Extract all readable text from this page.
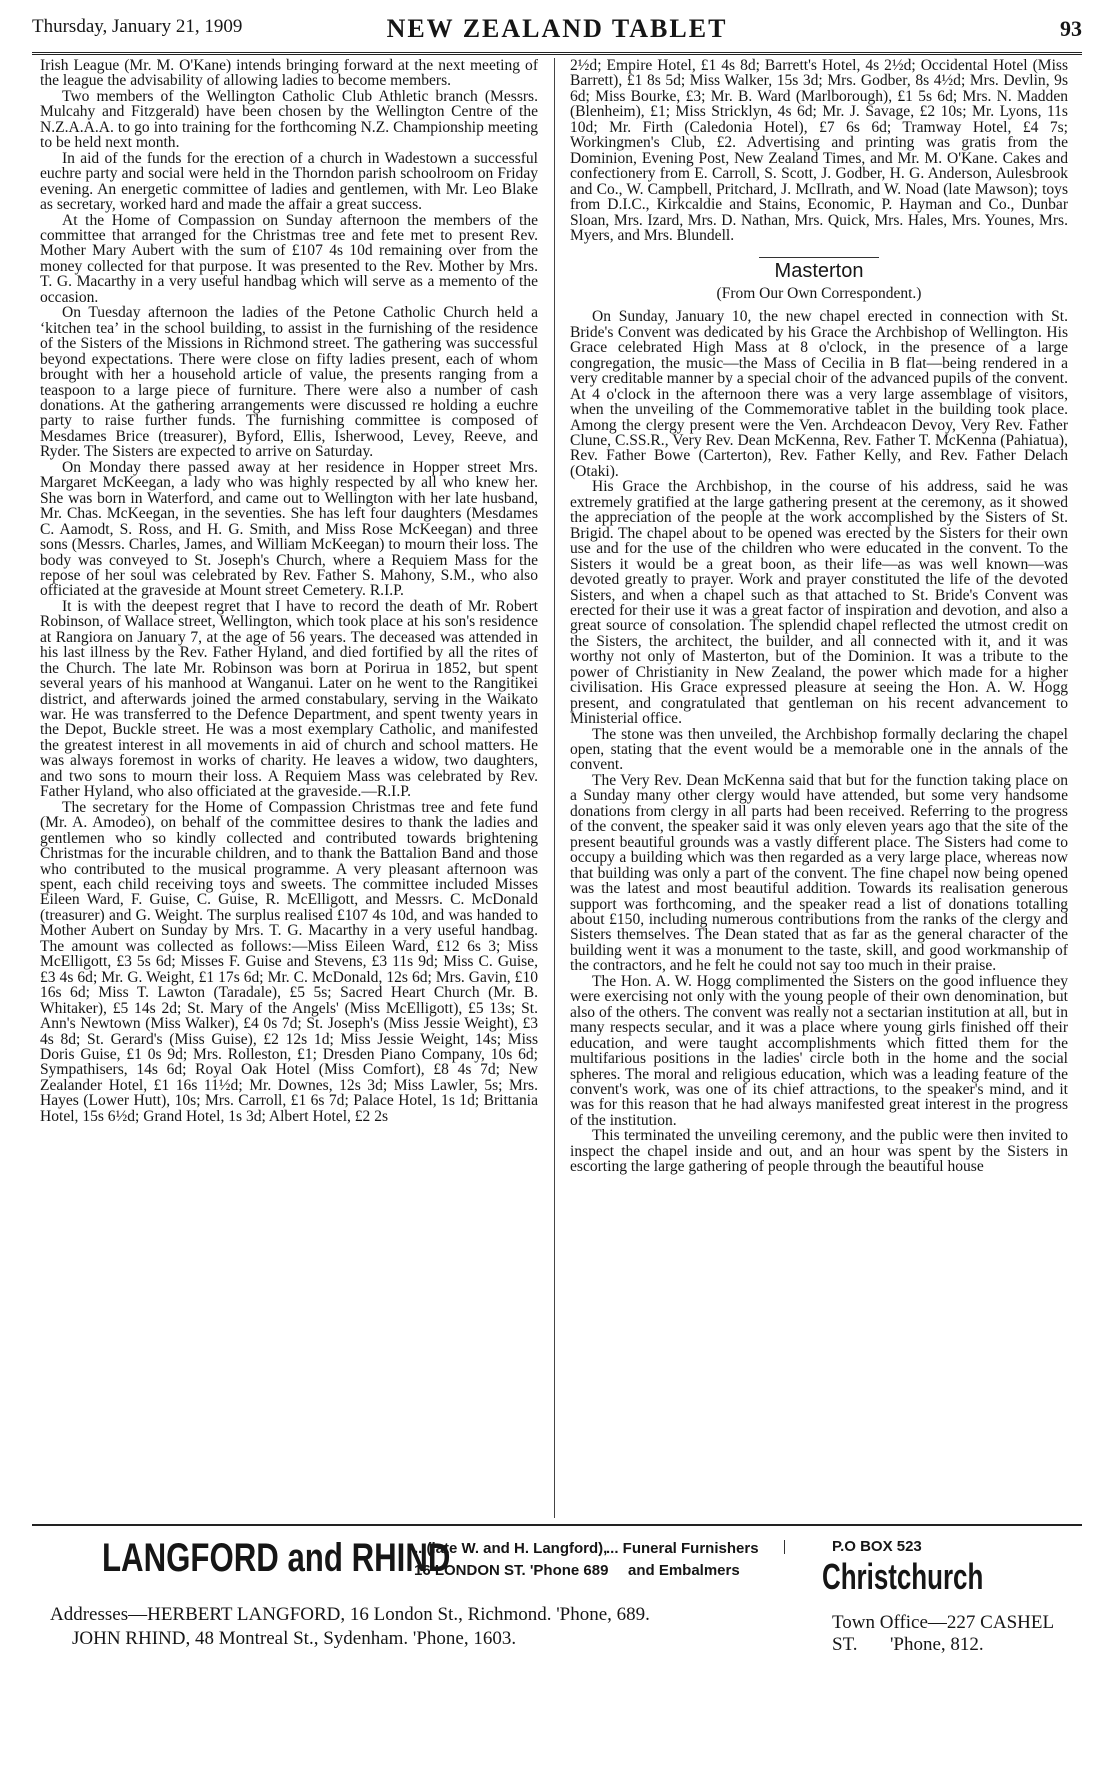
Thursday, January 21, 1909	NEW ZEALAND TABLET	93

Irish League (Mr. M. O'Kane) intends bringing forward at the next meeting of the league the advisability of allowing ladies to become members.

Two members of the Wellington Catholic Club Athletic branch (Messrs. Mulcahy and Fitzgerald) have been chosen by the Wellington Centre of the N.Z.A.A.A. to go into training for the forthcoming N.Z. Championship meeting to be held next month.

In aid of the funds for the erection of a church in Wadestown a successful euchre party and social were held in the Thorndon parish schoolroom on Friday evening. An energetic committee of ladies and gentlemen, with Mr. Leo Blake as secretary, worked hard and made the affair a great success.

At the Home of Compassion on Sunday afternoon the members of the committee that arranged for the Christmas tree and fete met to present Rev. Mother Mary Aubert with the sum of £107 4s 10d remaining over from the money collected for that purpose. It was presented to the Rev. Mother by Mrs. T. G. Macarthy in a very useful handbag which will serve as a memento of the occasion.

On Tuesday afternoon the ladies of the Petone Catholic Church held a ‘kitchen tea’ in the school building, to assist in the furnishing of the residence of the Sisters of the Missions in Richmond street. The gathering was successful beyond expectations. There were close on fifty ladies present, each of whom brought with her a household article of value, the presents ranging from a teaspoon to a large piece of furniture. There were also a number of cash donations. At the gathering arrangements were discussed re holding a euchre party to raise further funds. The furnishing committee is composed of Mesdames Brice (treasurer), Byford, Ellis, Isherwood, Levey, Reeve, and Ryder. The Sisters are expected to arrive on Saturday.

On Monday there passed away at her residence in Hopper street Mrs. Margaret McKeegan, a lady who was highly respected by all who knew her. She was born in Waterford, and came out to Wellington with her late husband, Mr. Chas. McKeegan, in the seventies. She has left four daughters (Mesdames C. Aamodt, S. Ross, and H. G. Smith, and Miss Rose McKeegan) and three sons (Messrs. Charles, James, and William McKeegan) to mourn their loss. The body was conveyed to St. Joseph's Church, where a Requiem Mass for the repose of her soul was celebrated by Rev. Father S. Mahony, S.M., who also officiated at the graveside at Mount street Cemetery. R.I.P.

It is with the deepest regret that I have to record the death of Mr. Robert Robinson, of Wallace street, Wellington, which took place at his son's residence at Rangiora on January 7, at the age of 56 years. The deceased was attended in his last illness by the Rev. Father Hyland, and died fortified by all the rites of the Church. The late Mr. Robinson was born at Porirua in 1852, but spent several years of his manhood at Wanganui. Later on he went to the Rangitikei district, and afterwards joined the armed constabulary, serving in the Waikato war. He was transferred to the Defence Department, and spent twenty years in the Depot, Buckle street. He was a most exemplary Catholic, and manifested the greatest interest in all movements in aid of church and school matters. He was always foremost in works of charity. He leaves a widow, two daughters, and two sons to mourn their loss. A Requiem Mass was celebrated by Rev. Father Hyland, who also officiated at the graveside.—R.I.P.

The secretary for the Home of Compassion Christmas tree and fete fund (Mr. A. Amodeo), on behalf of the committee desires to thank the ladies and gentlemen who so kindly collected and contributed towards brightening Christmas for the incurable children, and to thank the Battalion Band and those who contributed to the musical programme. A very pleasant afternoon was spent, each child receiving toys and sweets. The committee included Misses Eileen Ward, F. Guise, C. Guise, R. McElligott, and Messrs. C. McDonald (treasurer) and G. Weight. The surplus realised £107 4s 10d, and was handed to Mother Aubert on Sunday by Mrs. T. G. Macarthy in a very useful handbag. The amount was collected as follows:—Miss Eileen Ward, £12 6s 3; Miss McElligott, £3 5s 6d; Misses F. Guise and Stevens, £3 11s 9d; Miss C. Guise, £3 4s 6d; Mr. G. Weight, £1 17s 6d; Mr. C. McDonald, 12s 6d; Mrs. Gavin, £10 16s 6d; Miss T. Lawton (Taradale), £5 5s; Sacred Heart Church (Mr. B. Whitaker), £5 14s 2d; St. Mary of the Angels' (Miss McElligott), £5 13s; St. Ann's Newtown (Miss Walker), £4 0s 7d; St. Joseph's (Miss Jessie Weight), £3 4s 8d; St. Gerard's (Miss Guise), £2 12s 1d; Miss Jessie Weight, 14s; Miss Doris Guise, £1 0s 9d; Mrs. Rolleston, £1; Dresden Piano Company, 10s 6d; Sympathisers, 14s 6d; Royal Oak Hotel (Miss Comfort), £8 4s 7d; New Zealander Hotel, £1 16s 11½d; Mr. Downes, 12s 3d; Miss Lawler, 5s; Mrs. Hayes (Lower Hutt), 10s; Mrs. Carroll, £1 6s 7d; Palace Hotel, 1s 1d; Brittania Hotel, 15s 6½d; Grand Hotel, 1s 3d; Albert Hotel, £2 2s

2½d; Empire Hotel, £1 4s 8d; Barrett's Hotel, 4s 2½d; Occidental Hotel (Miss Barrett), £1 8s 5d; Miss Walker, 15s 3d; Mrs. Godber, 8s 4½d; Mrs. Devlin, 9s 6d; Miss Bourke, £3; Mr. B. Ward (Marlborough), £1 5s 6d; Mrs. N. Madden (Blenheim), £1; Miss Stricklyn, 4s 6d; Mr. J. Savage, £2 10s; Mr. Lyons, 11s 10d; Mr. Firth (Caledonia Hotel), £7 6s 6d; Tramway Hotel, £4 7s; Workingmen's Club, £2. Advertising and printing was gratis from the Dominion, Evening Post, New Zealand Times, and Mr. M. O'Kane. Cakes and confectionery from E. Carroll, S. Scott, J. Godber, H. G. Anderson, Aulesbrook and Co., W. Campbell, Pritchard, J. McIlrath, and W. Noad (late Mawson); toys from D.I.C., Kirkcaldie and Stains, Economic, P. Hayman and Co., Dunbar Sloan, Mrs. Izard, Mrs. D. Nathan, Mrs. Quick, Mrs. Hales, Mrs. Younes, Mrs. Myers, and Mrs. Blundell.

Masterton
(From Our Own Correspondent.)

On Sunday, January 10, the new chapel erected in connection with St. Bride's Convent was dedicated by his Grace the Archbishop of Wellington. His Grace celebrated High Mass at 8 o'clock, in the presence of a large congregation, the music—the Mass of Cecilia in B flat—being rendered in a very creditable manner by a special choir of the advanced pupils of the convent. At 4 o'clock in the afternoon there was a very large assemblage of visitors, when the unveiling of the Commemorative tablet in the building took place. Among the clergy present were the Ven. Archdeacon Devoy, Very Rev. Father Clune, C.SS.R., Very Rev. Dean McKenna, Rev. Father T. McKenna (Pahiatua), Rev. Father Bowe (Carterton), Rev. Father Kelly, and Rev. Father Delach (Otaki).

His Grace the Archbishop, in the course of his address, said he was extremely gratified at the large gathering present at the ceremony, as it showed the appreciation of the people at the work accomplished by the Sisters of St. Brigid. The chapel about to be opened was erected by the Sisters for their own use and for the use of the children who were educated in the convent. To the Sisters it would be a great boon, as their life—as was well known—was devoted greatly to prayer. Work and prayer constituted the life of the devoted Sisters, and when a chapel such as that attached to St. Bride's Convent was erected for their use it was a great factor of inspiration and devotion, and also a great source of consolation. The splendid chapel reflected the utmost credit on the Sisters, the architect, the builder, and all connected with it, and it was worthy not only of Masterton, but of the Dominion. It was a tribute to the power of Christianity in New Zealand, the power which made for a higher civilisation. His Grace expressed pleasure at seeing the Hon. A. W. Hogg present, and congratulated that gentleman on his recent advancement to Ministerial office.

The stone was then unveiled, the Archbishop formally declaring the chapel open, stating that the event would be a memorable one in the annals of the convent.

The Very Rev. Dean McKenna said that but for the function taking place on a Sunday many other clergy would have attended, but some very handsome donations from clergy in all parts had been received. Referring to the progress of the convent, the speaker said it was only eleven years ago that the site of the present beautiful grounds was a vastly different place. The Sisters had come to occupy a building which was then regarded as a very large place, whereas now that building was only a part of the convent. The fine chapel now being opened was the latest and most beautiful addition. Towards its realisation generous support was forthcoming, and the speaker read a list of donations totalling about £150, including numerous contributions from the ranks of the clergy and Sisters themselves. The Dean stated that as far as the general character of the building went it was a monument to the taste, skill, and good workmanship of the contractors, and he felt he could not say too much in their praise.

The Hon. A. W. Hogg complimented the Sisters on the good influence they were exercising not only with the young people of their own denomination, but also of the others. The convent was really not a sectarian institution at all, but in many respects secular, and it was a place where young girls finished off their education, and were taught accomplishments which fitted them for the multifarious positions in the ladies' circle both in the home and the social spheres. The moral and religious education, which was a leading feature of the convent's work, was one of its chief attractions, to the speaker's mind, and it was for this reason that he had always manifested great interest in the progress of the institution.

This terminated the unveiling ceremony, and the public were then invited to inspect the chapel inside and out, and an hour was spent by the Sisters in escorting the large gathering of people through the beautiful house

LANGFORD and RHIND
...(late W. and H. Langford),
16 LONDON ST. 'Phone 689
... Funeral Furnishers
and Embalmers
P.O BOX 523
Christchurch
Addresses—HERBERT LANGFORD, 16 London St., Richmond. 'Phone, 689.
JOHN RHIND, 48 Montreal St., Sydenham. 'Phone, 1603.
Town Office—227 CASHEL ST.	'Phone, 812.
